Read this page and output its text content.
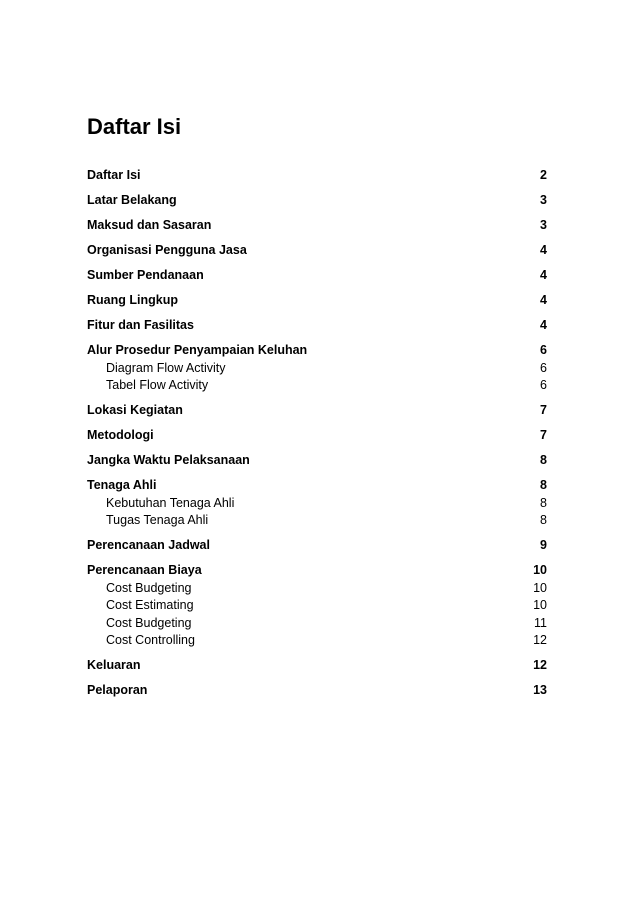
Daftar Isi
Daftar Isi	2
Latar Belakang	3
Maksud dan Sasaran	3
Organisasi Pengguna Jasa	4
Sumber Pendanaan	4
Ruang Lingkup	4
Fitur dan Fasilitas	4
Alur Prosedur Penyampaian Keluhan	6
Diagram Flow Activity	6
Tabel Flow Activity	6
Lokasi Kegiatan	7
Metodologi	7
Jangka Waktu Pelaksanaan	8
Tenaga Ahli	8
Kebutuhan Tenaga Ahli	8
Tugas Tenaga Ahli	8
Perencanaan Jadwal	9
Perencanaan Biaya	10
Cost Budgeting	10
Cost Estimating	10
Cost Budgeting	11
Cost Controlling	12
Keluaran	12
Pelaporan	13
